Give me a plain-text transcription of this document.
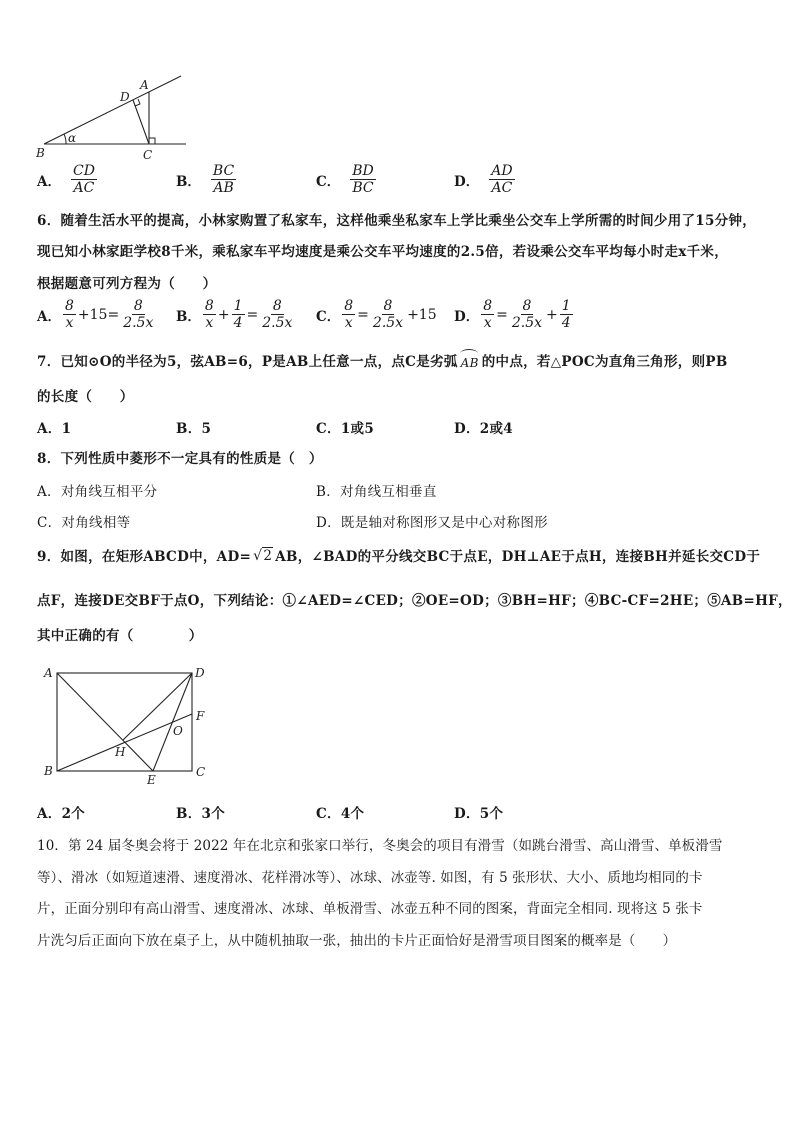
A
B	C
D
α
A． $\frac{CD}{AC}$	B． $\frac{BC}{AB}$	C． $\frac{BD}{BC}$	D． $\frac{AD}{AC}$
6．随着生活水平的提高，小林家购置了私家车，这样他乘坐私家车上学比乘坐公交车上学所需的时间少用了15分钟，
现已知小林家距学校8千米，乘私家车平均速度是乘公交车平均速度的2.5倍，若设乘公交车平均每小时走x千米，
根据题意可列方程为（　　）
A． $\frac{8}{x} +15= \frac{8}{2.5x}$ B． $\frac{8}{x} + \frac{1}{4} = \frac{8}{2.5x}$ C． $\frac{8}{x} = \frac{8}{2.5x} +15$ D． $\frac{8}{x} = \frac{8}{2.5x} + \frac{1}{4}$
7．已知⊙O的半径为5，弦AB=6，P是AB上任意一点，点C是劣弧 AB 的中点，若△POC为直角三角形，则PB
的长度（　　）
A．1	B．5	C．1或5	D．2或4
8．下列性质中菱形不一定具有的性质是（　）
A．对角线互相平分	B．对角线互相垂直
C．对角线相等	D．既是轴对称图形又是中心对称图形
9．如图，在矩形ABCD中，AD= √ 2 AB，∠BAD的平分线交BC于点E，DH⊥AE于点H，连接BH并延长交CD于
点F，连接DE交BF于点O，下列结论：①∠AED=∠CED；②OE=OD；③BH=HF；④BC-CF=2HE；⑤AB=HF，
其中正确的有（　　　　）
A	D
B	C
E
F
H
O
A．2个	B．3个	C．4个	D．5个
10．第 24 届冬奥会将于 2022 年在北京和张家口举行，冬奥会的项目有滑雪（如跳台滑雪、高山滑雪、单板滑雪
等）、滑冰（如短道速滑、速度滑冰、花样滑冰等）、冰球、冰壶等. 如图，有 5 张形状、大小、质地均相同的卡
片，正面分别印有高山滑雪、速度滑冰、冰球、单板滑雪、冰壶五种不同的图案，背面完全相同. 现将这 5 张卡
片洗匀后正面向下放在桌子上，从中随机抽取一张，抽出的卡片正面恰好是滑雪项目图案的概率是（　　）
